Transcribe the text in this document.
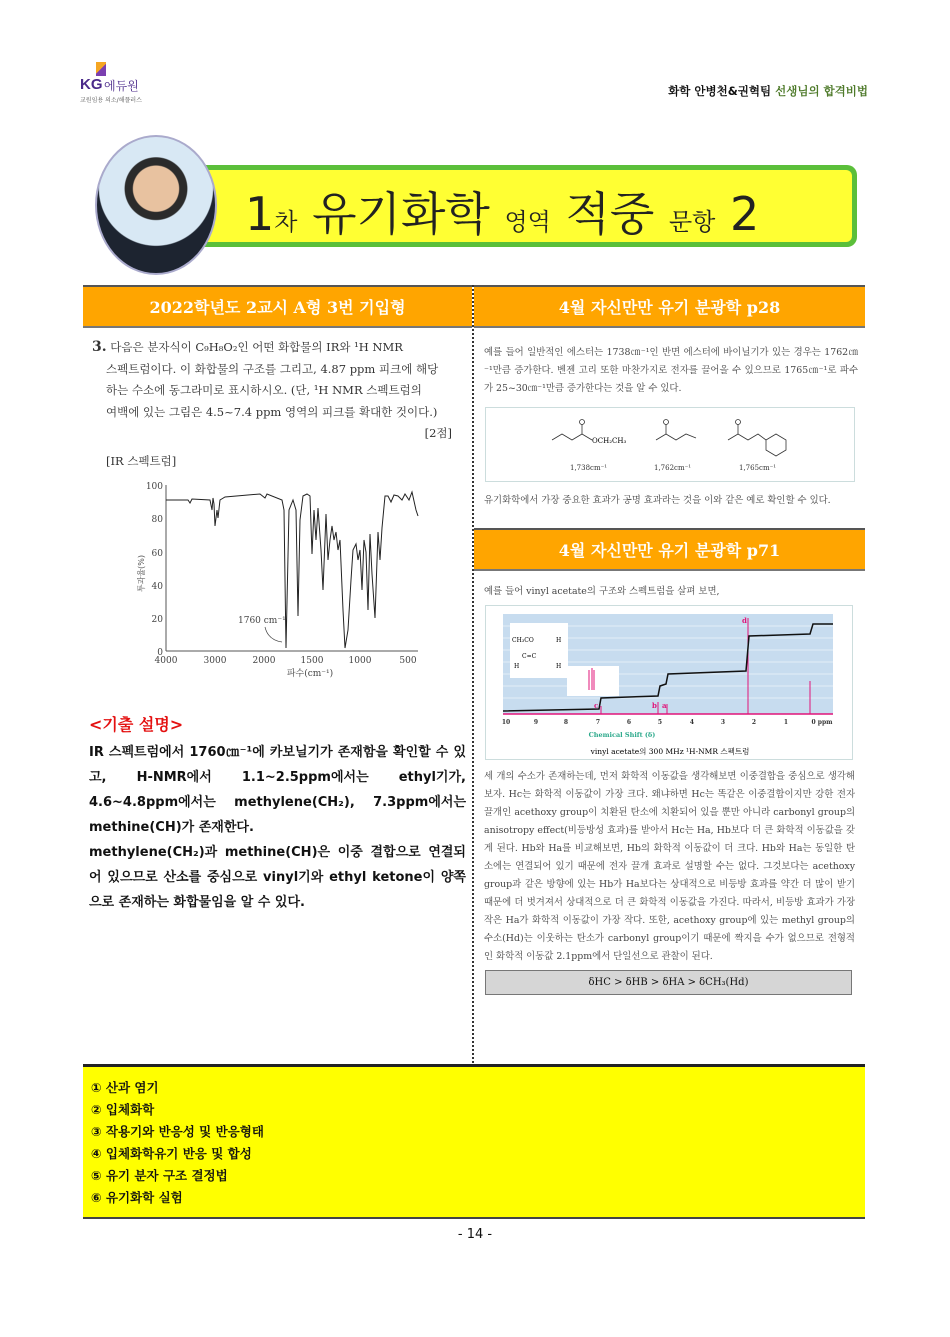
KG 에듀원
교원임용 의소/해플러스
화학 안병천&권혁팀 선생님의 합격비법
1차 유기화학 영역 적중 문항 2
2022학년도 2교시 A형 3번 기입형	4월 자신만만 유기 분광학 p28
3. 다음은 분자식이 C₉H₈O₂인 어떤 화합물의 IR와 ¹H NMR
스펙트럼이다. 이 화합물의 구조를 그리고, 4.87 ppm 피크에 해당
하는 수소에 동그라미로 표시하시오. (단, ¹H NMR 스펙트럼의
여백에 있는 그림은 4.5~7.4 ppm 영역의 피크를 확대한 것이다.)
[2점]
[IR 스펙트럼]
100
80
60
40
20
0
4000	3000	2000	1500	1000	500
파수(cm⁻¹)
투과율(%)
1760 cm⁻¹
<기출 설명>
IR 스펙트럼에서 1760㎝⁻¹에 카보닐기가 존재함을 확인할 수 있고, H-NMR에서 1.1~2.5ppm에서는 ethyl기가, 4.6~4.8ppm에서는 methylene(CH₂), 7.3ppm에서는 methine(CH)가 존재한다.
methylene(CH₂)과 methine(CH)은 이중 결합으로 연결되어 있으므로 산소를 중심으로 vinyl기와 ethyl ketone이 양쪽으로 존재하는 화합물임을 알 수 있다.
예를 들어 일반적인 에스터는 1738㎝⁻¹인 반면 에스터에 바이닐기가 있는 경우는 1762㎝⁻¹만큼 증가한다. 벤젠 고리 또한 마찬가지로 전자를 끌어올 수 있으므로 1765㎝⁻¹로 파수가 25~30㎝⁻¹만큼 증가한다는 것을 알 수 있다.
OCH₂CH₃
1,738cm⁻¹	1,762cm⁻¹	1,765cm⁻¹
유기화학에서 가장 중요한 효과가 공명 효과라는 것을 이와 같은 예로 확인할 수 있다.
4월 자신만만 유기 분광학 p71
예를 들어 vinyl acetate의 구조와 스펙트럼을 살펴 보면,
CH₃CO	H
C=C
H	H
c	b a
d
10	9	8	7	6	5	4	3	2	1	0 ppm
Chemical Shift (δ)
vinyl acetate의 300 MHz ¹H-NMR 스펙트럼
세 개의 수소가 존재하는데, 먼저 화학적 이동값을 생각해보면 이중결합을 중심으로 생각해보자. Hc는 화학적 이동값이 가장 크다. 왜냐하면 Hc는 똑같은 이중결합이지만 강한 전자끌개인 acethoxy group이 치환된 탄소에 치환되어 있을 뿐만 아니라 carbonyl group의 anisotropy effect(비등방성 효과)를 받아서 Hc는 Ha, Hb보다 더 큰 화학적 이동값을 갖게 된다. Hb와 Ha를 비교해보면, Hb의 화학적 이동값이 더 크다. Hb와 Ha는 동일한 탄소에는 연결되어 있기 때문에 전자 끌개 효과로 설명할 수는 없다. 그것보다는 acethoxy group과 같은 방향에 있는 Hb가 Ha보다는 상대적으로 비등방 효과를 약간 더 많이 받기 때문에 더 벗겨져서 상대적으로 더 큰 화학적 이동값을 가진다. 따라서, 비등방 효과가 가장 작은 Ha가 화학적 이동값이 가장 작다. 또한, acethoxy group에 있는 methyl group의 수소(Hd)는 이웃하는 탄소가 carbonyl group이기 때문에 짝지을 수가 없으므로 전형적인 화학적 이동값 2.1ppm에서 단일선으로 관찰이 된다.
δHC > δHB > δHA > δCH₃(Hd)
① 산과 염기
② 입체화학
③ 작용기와 반응성 및 반응형태
④ 입체화학유기 반응 및 합성
⑤ 유기 분자 구조 결정법
⑥ 유기화학 실험
- 14 -
